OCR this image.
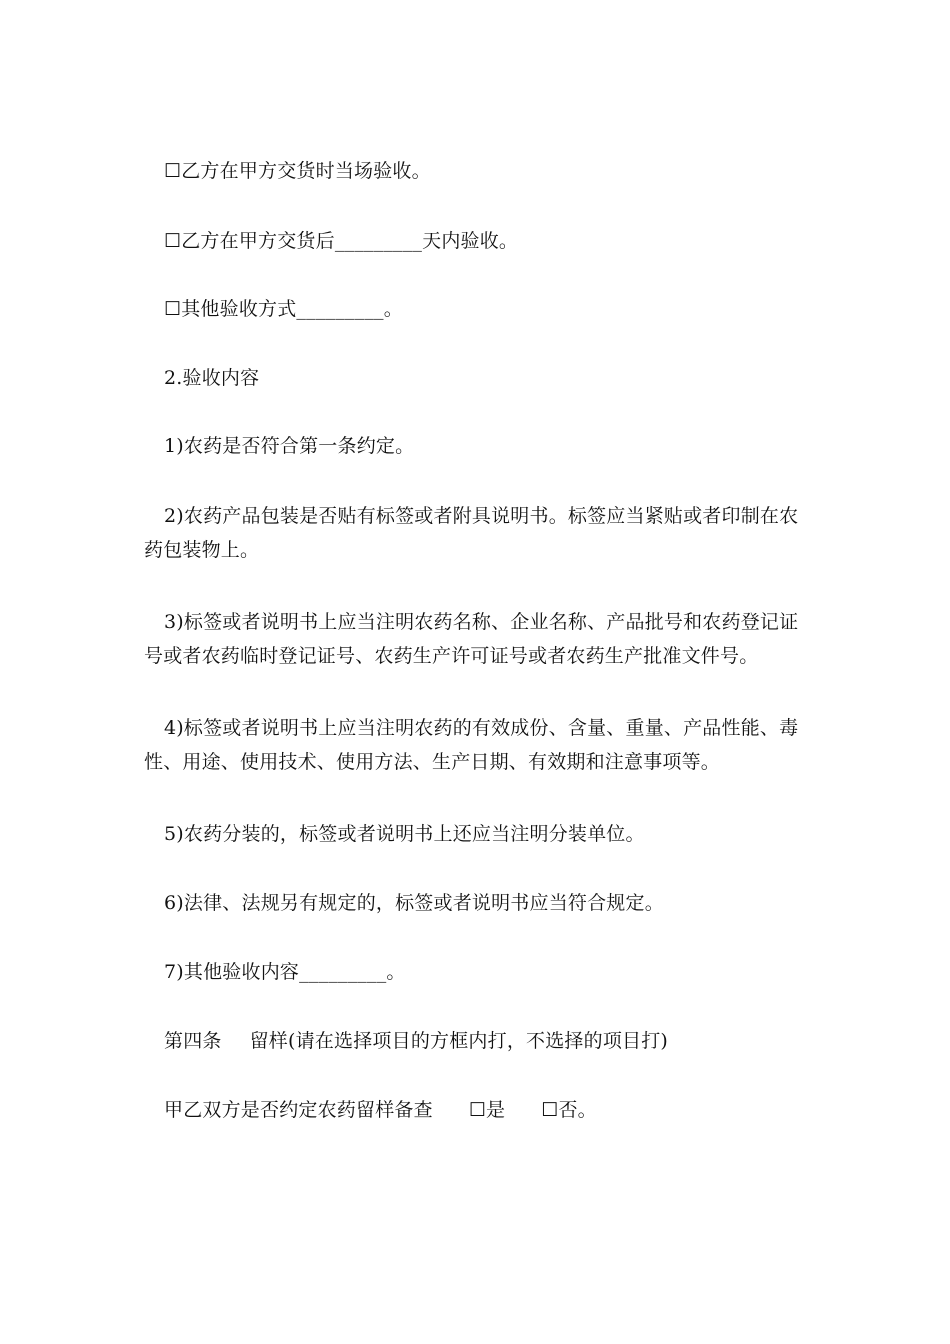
☐乙方在甲方交货时当场验收。
☐乙方在甲方交货后_________天内验收。
☐其他验收方式_________。
2.验收内容
1)农药是否符合第一条约定。
2)农药产品包装是否贴有标签或者附具说明书。标签应当紧贴或者印制在农药包装物上。
3)标签或者说明书上应当注明农药名称、企业名称、产品批号和农药登记证号或者农药临时登记证号、农药生产许可证号或者农药生产批准文件号。
4)标签或者说明书上应当注明农药的有效成份、含量、重量、产品性能、毒性、用途、使用技术、使用方法、生产日期、有效期和注意事项等。
5)农药分装的，标签或者说明书上还应当注明分装单位。
6)法律、法规另有规定的，标签或者说明书应当符合规定。
7)其他验收内容_________。
第四条 留样(请在选择项目的方框内打，不选择的项目打)
甲乙双方是否约定农药留样备查 ☐是 ☐否。
